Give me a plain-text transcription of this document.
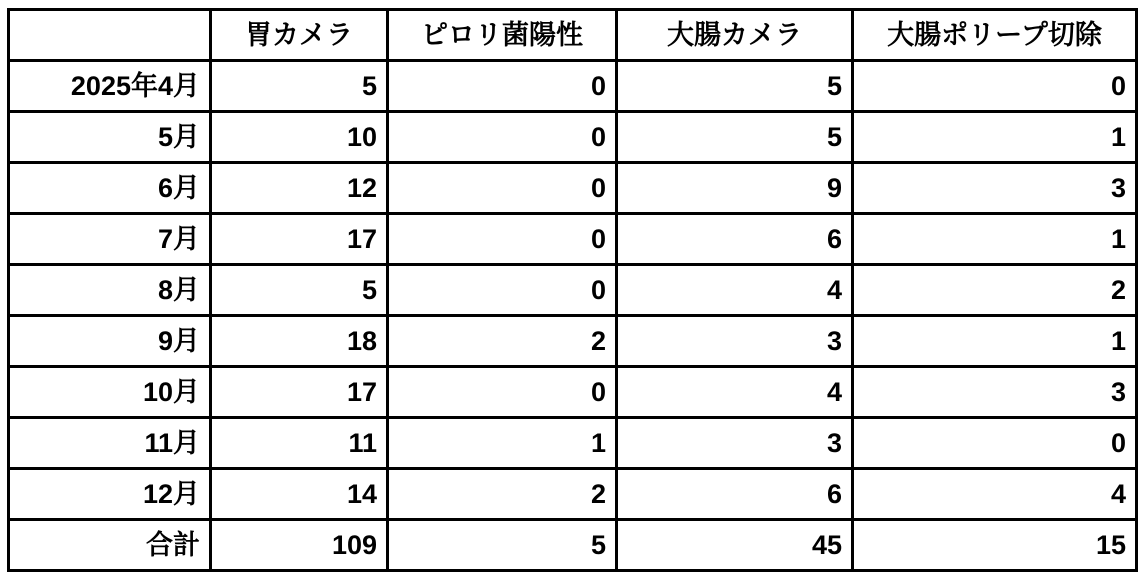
	胃カメラ	ピロリ菌陽性	大腸カメラ	大腸ポリープ切除
2025年4月	5	0	5	0
5月	10	0	5	1
6月	12	0	9	3
7月	17	0	6	1
8月	5	0	4	2
9月	18	2	3	1
10月	17	0	4	3
11月	11	1	3	0
12月	14	2	6	4
合計	109	5	45	15
